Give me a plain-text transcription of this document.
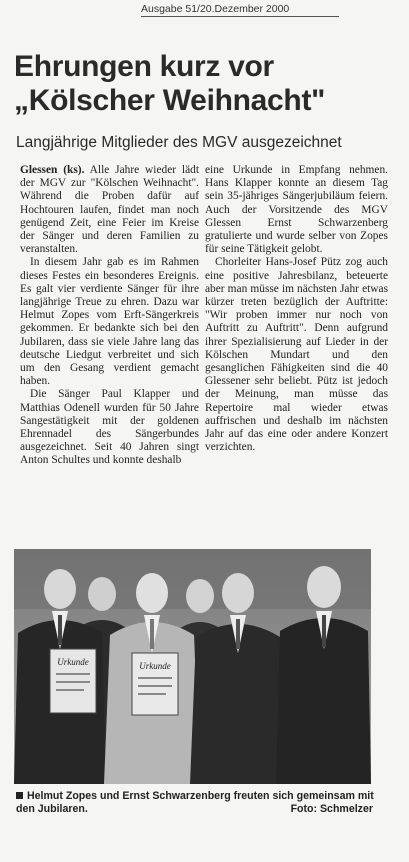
Ausgabe 51/20.Dezember 2000
Ehrungen kurz vor
„Kölscher Weihnacht"
Langjährige Mitglieder des MGV ausgezeichnet

Glessen (ks). Alle Jahre wieder lädt der MGV zur "Kölschen Weihnacht". Während die Proben dafür auf Hochtouren laufen, findet man noch genügend Zeit, eine Feier im Kreise der Sänger und deren Familien zu veranstalten.

In diesem Jahr gab es im Rahmen dieses Festes ein besonderes Ereignis. Es galt vier verdiente Sänger für ihre langjährige Treue zu ehren. Dazu war Helmut Zopes vom Erft-Sängerkreis gekommen. Er bedankte sich bei den Jubilaren, dass sie viele Jahre lang das deutsche Liedgut verbreitet und sich um den Gesang verdient gemacht haben.

Die Sänger Paul Klapper und Matthias Odenell wurden für 50 Jahre Sangestätigkeit mit der goldenen Ehrennadel des Sängerbundes ausgezeichnet. Seit 40 Jahren singt Anton Schultes und konnte deshalb

eine Urkunde in Empfang nehmen. Hans Klapper konnte an diesem Tag sein 35-jähriges Sängerjubiläum feiern. Auch der Vorsitzende des MGV Glessen Ernst Schwarzenberg gratulierte und wurde selber von Zopes für seine Tätigkeit gelobt.

Chorleiter Hans-Josef Pütz zog auch eine positive Jahresbilanz, beteuerte aber man müsse im nächsten Jahr etwas kürzer treten bezüglich der Auftritte: "Wir proben immer nur noch von Auftritt zu Auftritt". Denn aufgrund ihrer Spezialisierung auf Lieder in der Kölschen Mundart und den gesanglichen Fähigkeiten sind die 40 Glessener sehr beliebt. Pütz ist jedoch der Meinung, man müsse das Repertoire mal wieder etwas auffrischen und deshalb im nächsten Jahr auf das eine oder andere Konzert verzichten.

Urkunde	Urkunde
Helmut Zopes und Ernst Schwarzenberg freuten sich gemeinsam mit den Jubilaren.	Foto: Schmelzer
